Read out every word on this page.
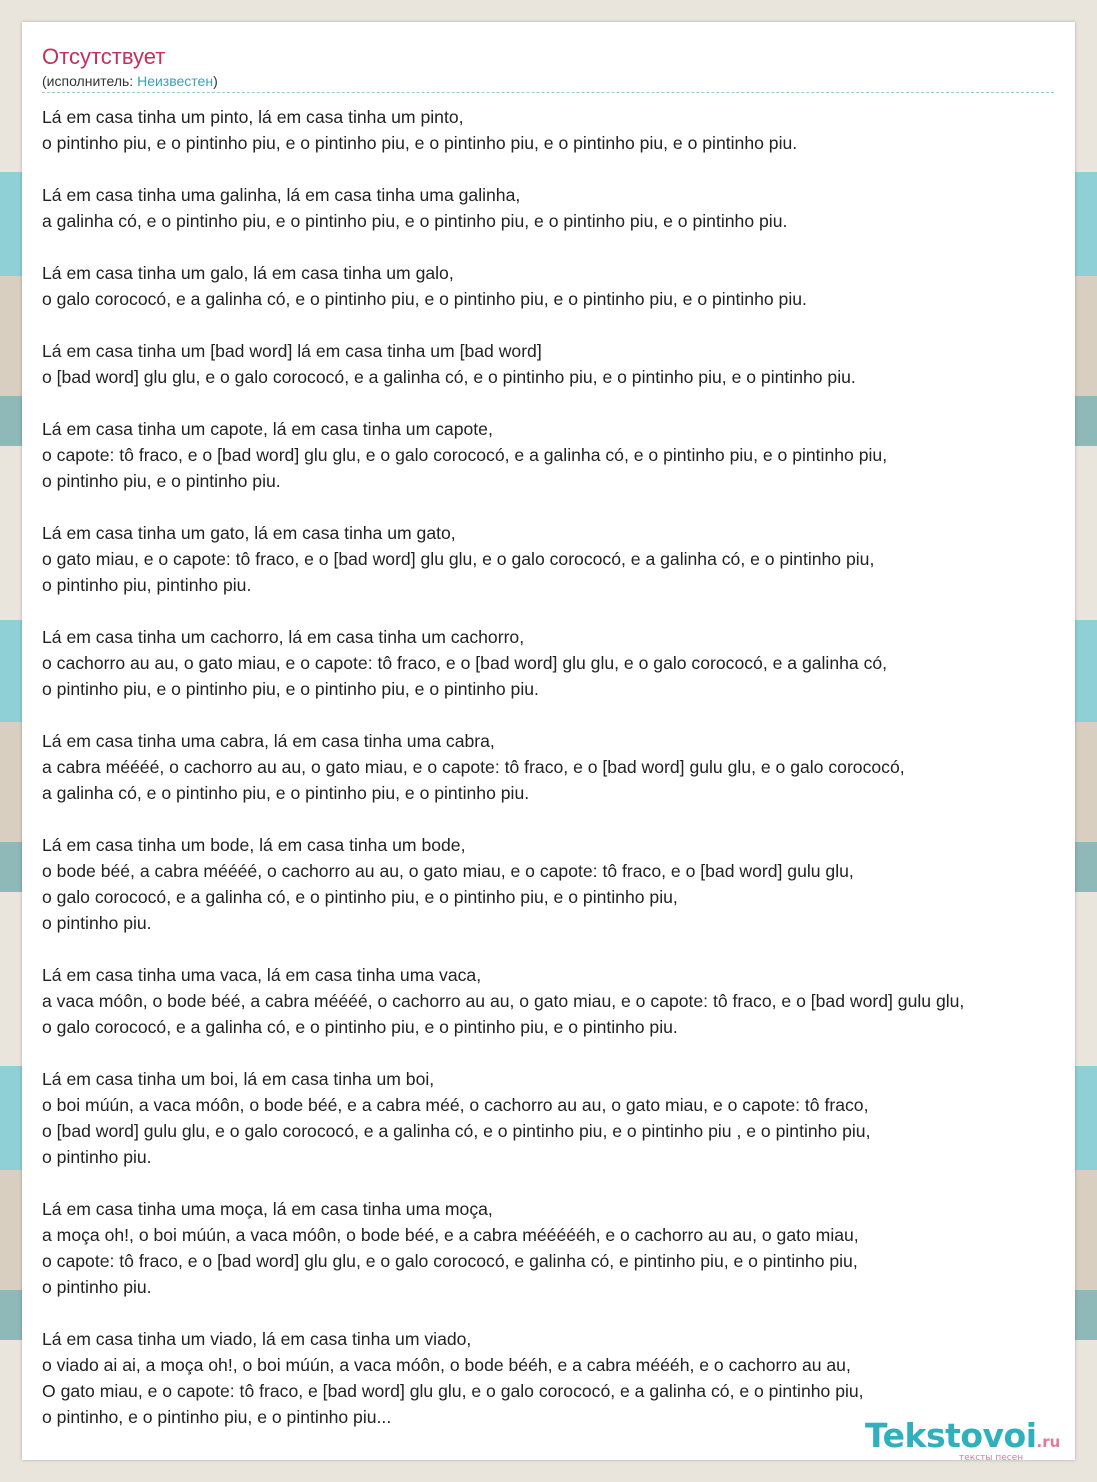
Отсутствует
(исполнитель: Неизвестен)
Lá em casa tinha um pinto, lá em casa tinha um pinto,
o pintinho piu, e o pintinho piu, e o pintinho piu, e o pintinho piu, e o pintinho piu, e o pintinho piu.
Lá em casa tinha uma galinha, lá em casa tinha uma galinha,
a galinha có, e o pintinho piu, e o pintinho piu, e o pintinho piu, e o pintinho piu, e o pintinho piu.
Lá em casa tinha um galo, lá em casa tinha um galo,
o galo corococó, e a galinha có, e o pintinho piu, e o pintinho piu, e o pintinho piu, e o pintinho piu.
Lá em casa tinha um [bad word] lá em casa tinha um [bad word]
o [bad word] glu glu, e o galo corococó, e a galinha có, e o pintinho piu, e o pintinho piu, e o pintinho piu.
Lá em casa tinha um capote, lá em casa tinha um capote,
o capote: tô fraco, e o [bad word] glu glu, e o galo corococó, e a galinha có, e o pintinho piu, e o pintinho piu,
o pintinho piu, e o pintinho piu.
Lá em casa tinha um gato, lá em casa tinha um gato,
o gato miau, e o capote: tô fraco, e o [bad word] glu glu, e o galo corococó, e a galinha có, e o pintinho piu,
o pintinho piu, pintinho piu.
Lá em casa tinha um cachorro, lá em casa tinha um cachorro,
o cachorro au au, o gato miau, e o capote: tô fraco, e o [bad word] glu glu, e o galo corococó, e a galinha có,
o pintinho piu, e o pintinho piu, e o pintinho piu, e o pintinho piu.
Lá em casa tinha uma cabra, lá em casa tinha uma cabra,
a cabra méééé, o cachorro au au, o gato miau, e o capote: tô fraco, e o [bad word] gulu glu, e o galo corococó,
a galinha có, e o pintinho piu, e o pintinho piu, e o pintinho piu.
Lá em casa tinha um bode, lá em casa tinha um bode,
o bode béé, a cabra méééé, o cachorro au au, o gato miau, e o capote: tô fraco, e o [bad word] gulu glu,
o galo corococó, e a galinha có, e o pintinho piu, e o pintinho piu, e o pintinho piu,
o pintinho piu.
Lá em casa tinha uma vaca, lá em casa tinha uma vaca,
a vaca móôn, o bode béé, a cabra méééé, o cachorro au au, o gato miau, e o capote: tô fraco, e o [bad word] gulu glu,
o galo corococó, e a galinha có, e o pintinho piu, e o pintinho piu, e o pintinho piu.
Lá em casa tinha um boi, lá em casa tinha um boi,
o boi múún, a vaca móôn, o bode béé, e a cabra méé, o cachorro au au, o gato miau, e o capote: tô fraco,
o [bad word] gulu glu, e o galo corococó, e a galinha có, e o pintinho piu, e o pintinho piu , e o pintinho piu,
o pintinho piu.
Lá em casa tinha uma moça, lá em casa tinha uma moça,
a moça oh!, o boi múún, a vaca móôn, o bode béé, e a cabra méééééh, e o cachorro au au, o gato miau,
o capote: tô fraco, e o [bad word] glu glu, e o galo corococó, e galinha có, e pintinho piu, e o pintinho piu,
o pintinho piu.
Lá em casa tinha um viado, lá em casa tinha um viado,
o viado ai ai, a moça oh!, o boi múún, a vaca móôn, o bode bééh, e a cabra méééh, e o cachorro au au,
O gato miau, e o capote: tô fraco, e [bad word] glu glu, e o galo corococó, e a galinha có, e o pintinho piu,
o pintinho, e o pintinho piu, e o pintinho piu...	Tekstovoi.ru
тексты песен
